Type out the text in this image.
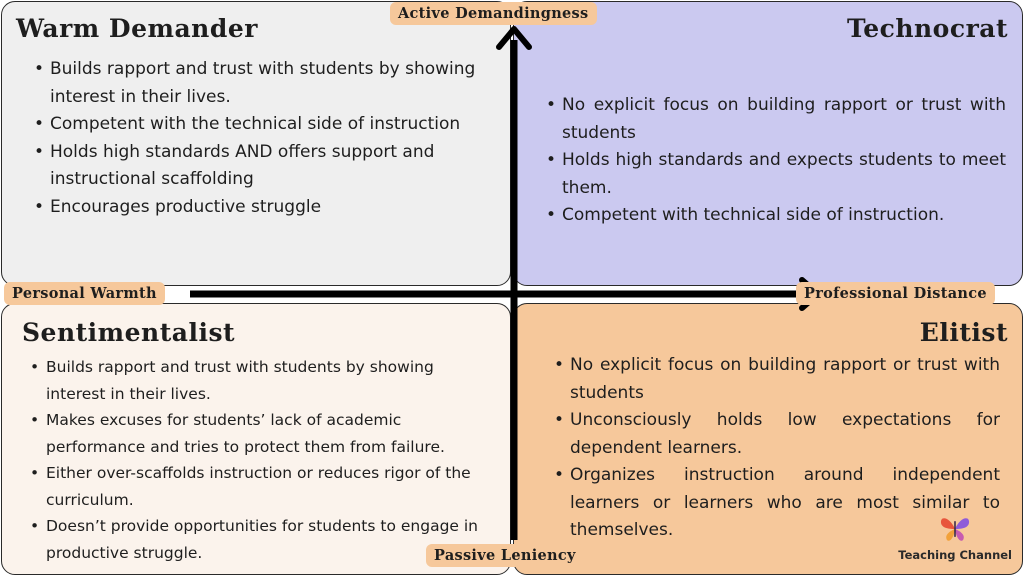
Active Demandingness
Personal Warmth	Professional Distance
Passive Leniency
Warm Demander
• Builds rapport and trust with students by showing interest in their lives.
• Competent with the technical side of instruction
• Holds high standards AND offers support and instructional scaffolding
• Encourages productive struggle
Technocrat
• No explicit focus on building rapport or trust with students
• Holds high standards and expects students to meet them.
• Competent with technical side of instruction.
Sentimentalist
• Builds rapport and trust with students by showing interest in their lives.
• Makes excuses for students’ lack of academic performance and tries to protect them from failure.
• Either over-scaffolds instruction or reduces rigor of the curriculum.
• Doesn’t provide opportunities for students to engage in productive struggle.
Elitist
• No explicit focus on building rapport or trust with students
• Unconsciously holds low expectations for dependent learners.
• Organizes instruction around independent learners or learners who are most similar to themselves.
Teaching Channel
